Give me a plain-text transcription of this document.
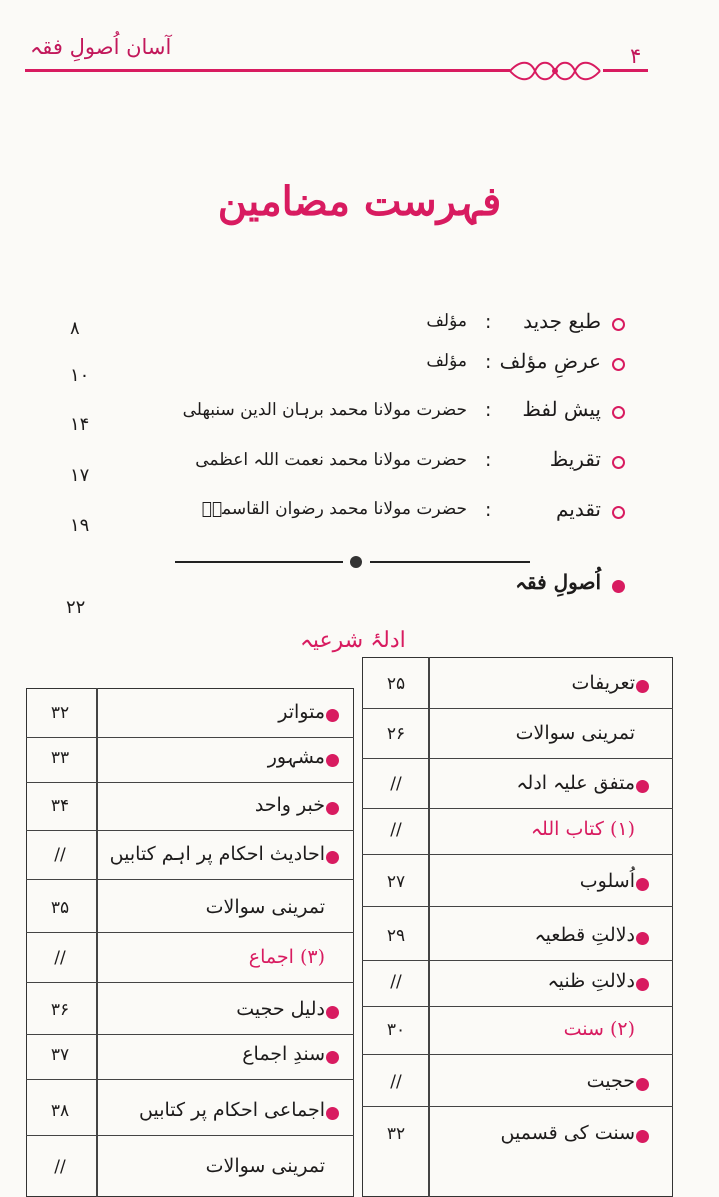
آسان اُصولِ فقہ	۴
فہرست مضامین
طبع جدید
:
مؤلف
۸
عرضِ مؤلف
:
مؤلف
۱۰
پیش لفظ
:
حضرت مولانا محمد برہان الدین سنبھلی
۱۴
تقریظ
:
حضرت مولانا محمد نعمت اللہ اعظمی
۱۷
تقدیم
:
حضرت مولانا محمد رضوان القاسمیؒ
۱۹
اُصولِ فقہ
۲۲
ادلۂ شرعیہ
تعریفات
۲۵
تمرینی سوالات
۲۶
متفق علیہ ادلہ
//
(۱) کتاب اللہ
//
اُسلوب
۲۷
دلالتِ قطعیہ
۲۹
دلالتِ ظنیہ
//
(۲) سنت
۳۰
حجیت
//
سنت کی قسمیں
۳۲
متواتر
۳۲
مشہور
۳۳
خبر واحد
۳۴
احادیث احکام پر اہم کتابیں
//
تمرینی سوالات
۳۵
(۳) اجماع
//
دلیل حجیت
۳۶
سندِ اجماع
۳۷
اجماعی احکام پر کتابیں
۳۸
تمرینی سوالات
//
